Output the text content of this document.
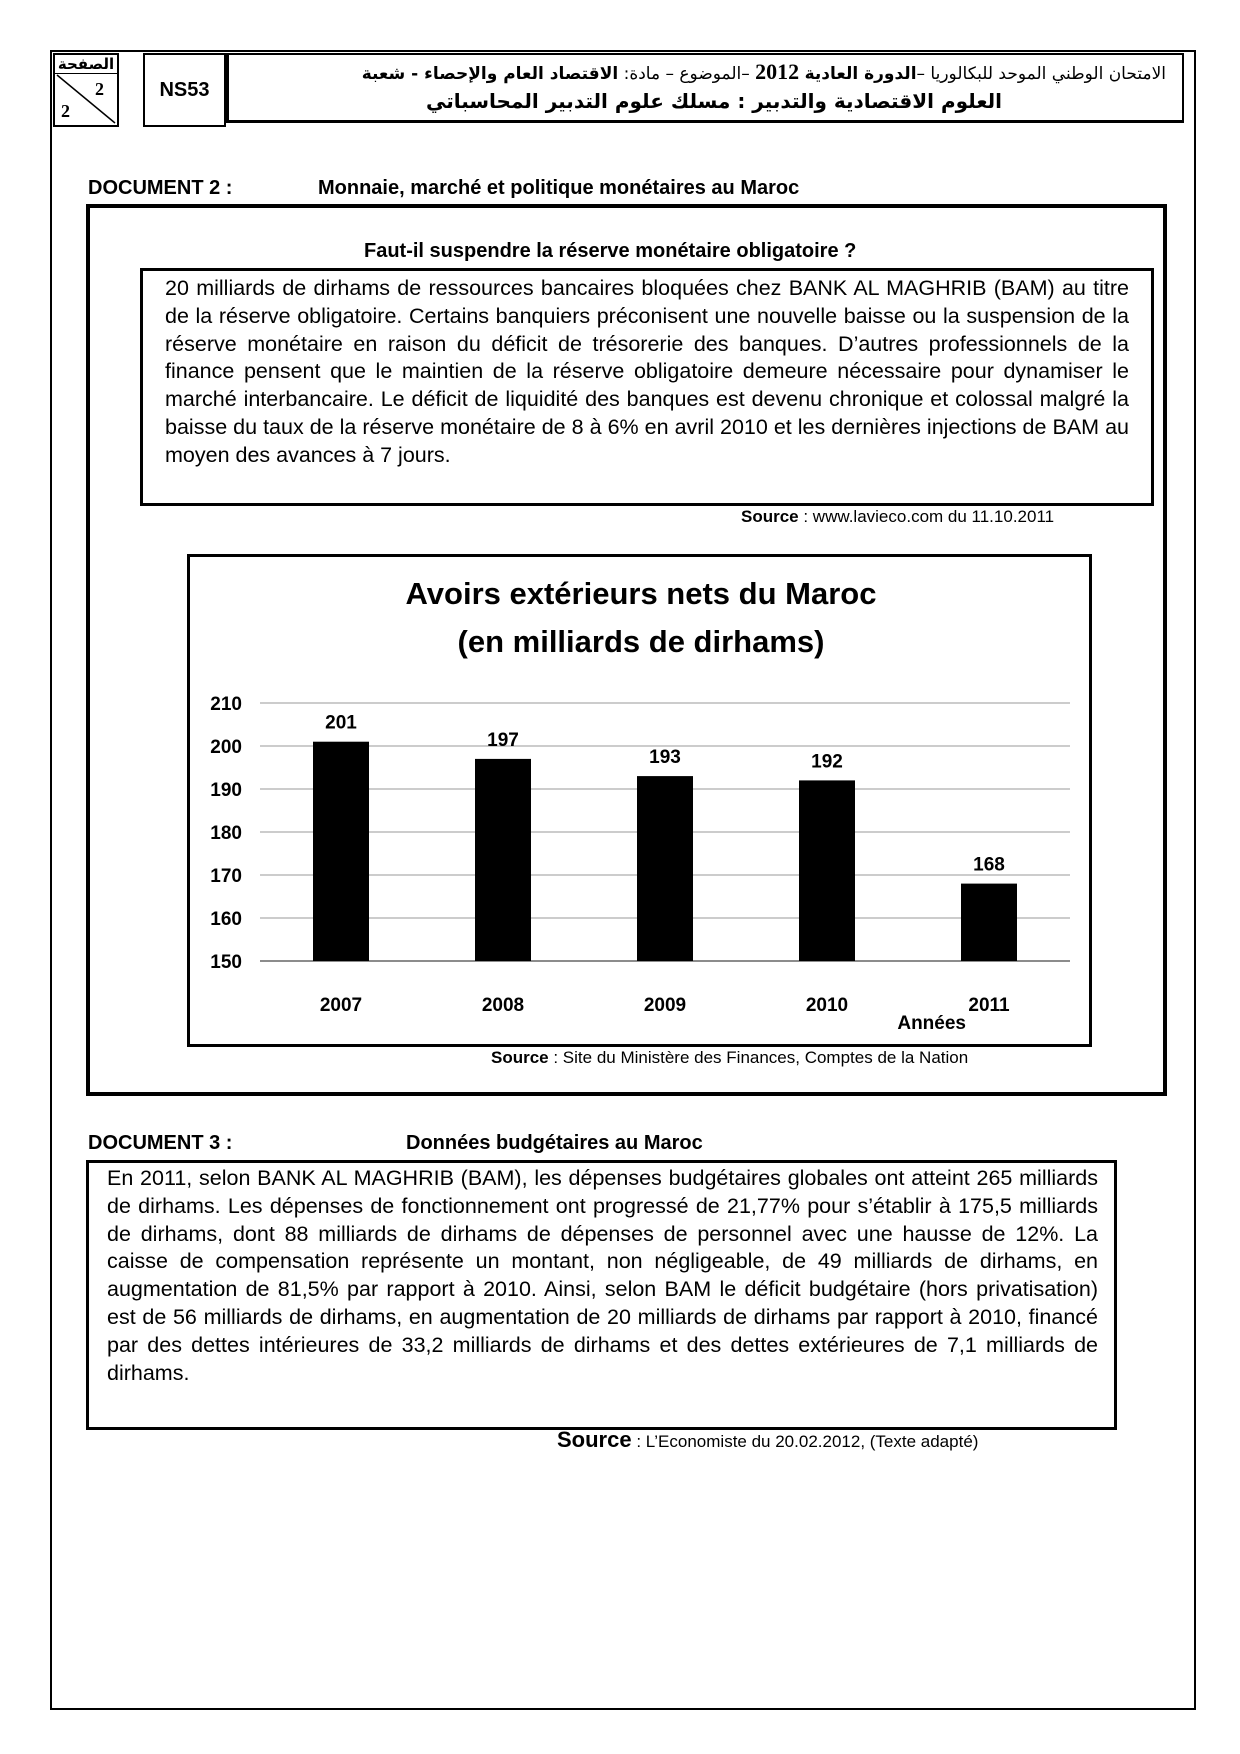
الصفحة
2
2
NS53
الامتحان الوطني الموحد للبكالوريا –الدورة العادية 2012 –الموضوع – مادة: الاقتصاد العام والإحصاء - شعبة
العلوم الاقتصادية والتدبير : مسلك علوم التدبير المحاسباتي
DOCUMENT 2 :	Monnaie, marché et politique monétaires au Maroc
Faut-il suspendre la réserve monétaire obligatoire ?
20 milliards de dirhams de ressources bancaires bloquées chez BANK AL MAGHRIB (BAM) au titre de la réserve obligatoire. Certains banquiers préconisent une nouvelle baisse ou la suspension de la réserve monétaire en raison du déficit de trésorerie des banques. D’autres professionnels de la finance pensent que le maintien de la réserve obligatoire demeure nécessaire pour dynamiser le marché interbancaire. Le déficit de liquidité des banques est devenu chronique et colossal malgré la baisse du taux de la réserve monétaire de 8 à 6% en avril 2010 et les dernières injections de BAM au moyen des avances à 7 jours.
Source : www.lavieco.com du 11.10.2011
Avoirs extérieurs nets du Maroc
(en milliards de dirhams)
150
160
170
180
190
200
210
201
2007
197
2008
193
2009
192
2010
168
2011
Années
Source : Site du Ministère des Finances, Comptes de la Nation
DOCUMENT 3 :	Données budgétaires au Maroc
En 2011, selon BANK AL MAGHRIB (BAM), les dépenses budgétaires globales ont atteint 265 milliards de dirhams. Les dépenses de fonctionnement ont progressé de 21,77% pour s’établir à 175,5 milliards de dirhams, dont 88 milliards de dirhams de dépenses de personnel avec une hausse de 12%. La caisse de compensation représente un montant, non négligeable, de 49 milliards de dirhams, en augmentation de 81,5% par rapport à 2010. Ainsi, selon BAM le déficit budgétaire (hors privatisation) est de 56 milliards de dirhams, en augmentation de 20 milliards de dirhams par rapport à 2010, financé par des dettes intérieures de 33,2 milliards de dirhams et des dettes extérieures de 7,1 milliards de dirhams.
Source : L’Economiste du 20.02.2012, (Texte adapté)
